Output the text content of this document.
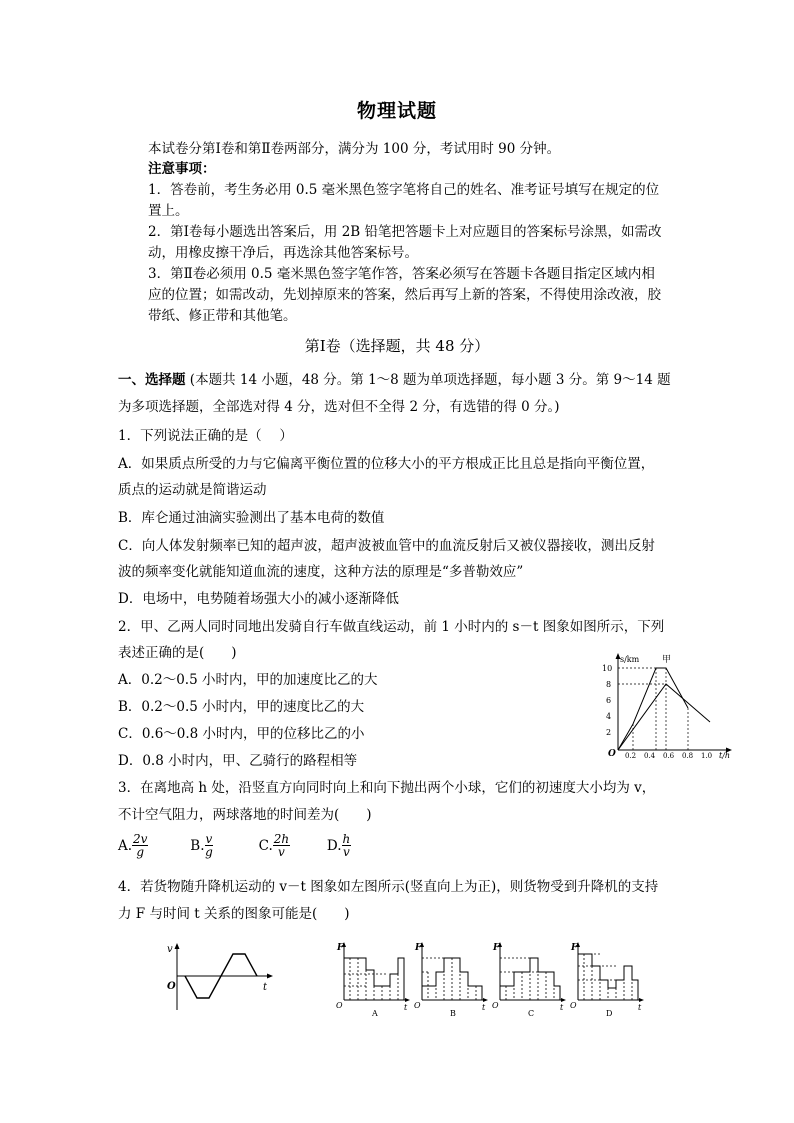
物理试题
本试卷分第Ⅰ卷和第Ⅱ卷两部分，满分为 100 分，考试用时 90 分钟。
注意事项：
1．答卷前，考生务必用 0.5 毫米黑色签字笔将自己的姓名、准考证号填写在规定的位
置上。
2．第Ⅰ卷每小题选出答案后，用 2B 铅笔把答题卡上对应题目的答案标号涂黑，如需改
动，用橡皮擦干净后，再选涂其他答案标号。
3．第Ⅱ卷必须用 0.5 毫米黑色签字笔作答，答案必须写在答题卡各题目指定区域内相
应的位置；如需改动，先划掉原来的答案，然后再写上新的答案，不得使用涂改液，胶
带纸、修正带和其他笔。
第Ⅰ卷（选择题，共 48 分）
一、选择题 (本题共 14 小题，48 分。第 1～8 题为单项选择题，每小题 3 分。第 9～14 题
为多项选择题，全部选对得 4 分，选对但不全得 2 分，有选错的得 0 分。)
1．下列说法正确的是（　 ）
A．如果质点所受的力与它偏离平衡位置的位移大小的平方根成正比且总是指向平衡位置，
质点的运动就是简谐运动
B．库仑通过油滴实验测出了基本电荷的数值
C．向人体发射频率已知的超声波，超声波被血管中的血流反射后又被仪器接收，测出反射
波的频率变化就能知道血流的速度，这种方法的原理是“多普勒效应”
D．电场中，电势随着场强大小的减小逐渐降低
2．甲、乙两人同时同地出发骑自行车做直线运动，前 1 小时内的 s－t 图象如图所示，下列
表述正确的是(　　)
A．0.2～0.5 小时内，甲的加速度比乙的大
B．0.2～0.5 小时内，甲的速度比乙的大
C．0.6～0.8 小时内，甲的位移比乙的小
D．0.8 小时内，甲、乙骑行的路程相等
s/km
t/h
O
2
4
6
8
10
0.2 0.4 0.6 0.8 1.0
甲
3．在离地高 h 处，沿竖直方向同时向上和向下抛出两个小球，它们的初速度大小均为 v，
不计空气阻力，两球落地的时间差为(　　)
A. $\frac{2v}{g}$	B. $\frac{v}{g}$	C. $\frac{2h}{v}$	D. $\frac{h}{v}$
4．若货物随升降机运动的 v－t 图象如左图所示(竖直向上为正)，则货物受到升降机的支持
力 F 与时间 t 关系的图象可能是(　　)
v
t
O
F
t
O
A
F
t
O
B
F
t
O
C
F
t
O
D
